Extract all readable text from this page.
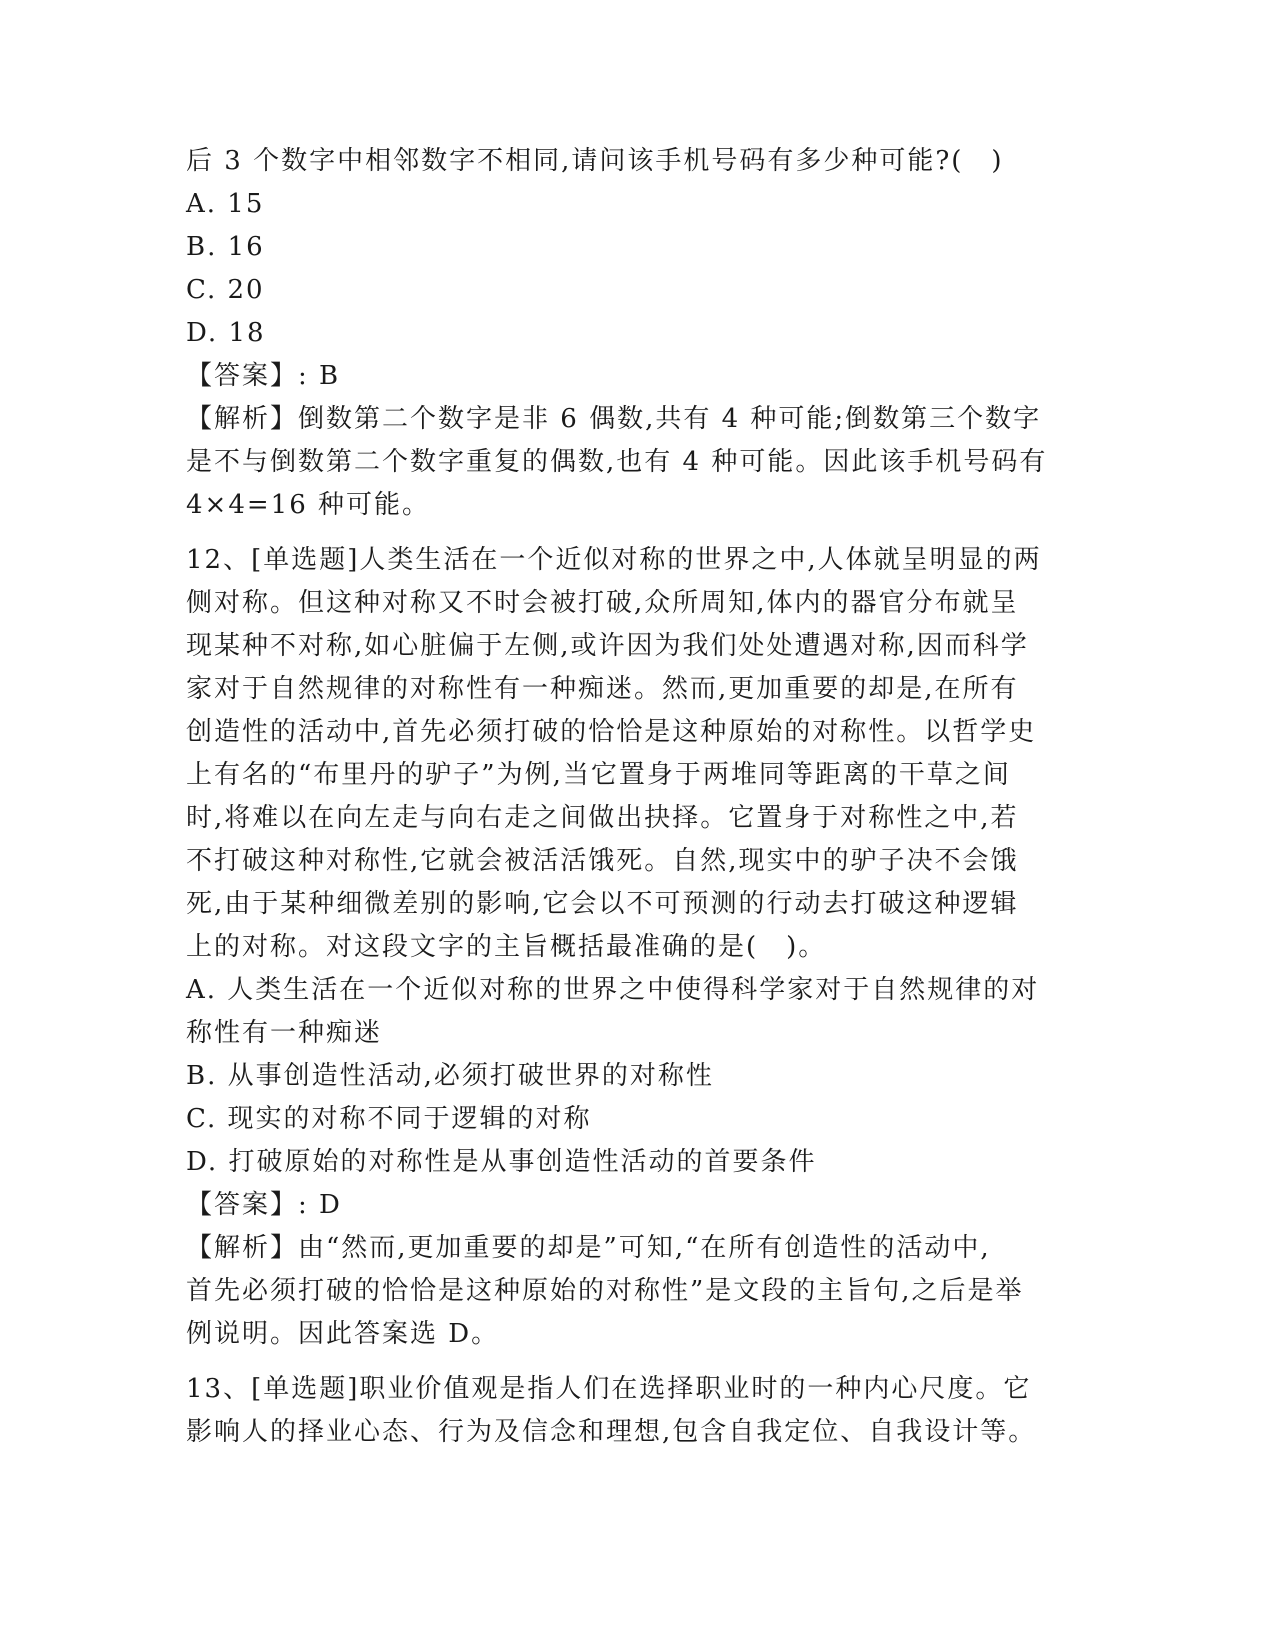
后 3 个数字中相邻数字不相同,请问该手机号码有多少种可能?(　)
A. 15
B. 16
C. 20
D. 18
【答案】: B
【解析】倒数第二个数字是非 6 偶数,共有 4 种可能;倒数第三个数字
是不与倒数第二个数字重复的偶数,也有 4 种可能。因此该手机号码有
4×4=16 种可能。
12、[单选题]人类生活在一个近似对称的世界之中,人体就呈明显的两
侧对称。但这种对称又不时会被打破,众所周知,体内的器官分布就呈
现某种不对称,如心脏偏于左侧,或许因为我们处处遭遇对称,因而科学
家对于自然规律的对称性有一种痴迷。然而,更加重要的却是,在所有
创造性的活动中,首先必须打破的恰恰是这种原始的对称性。以哲学史
上有名的“布里丹的驴子”为例,当它置身于两堆同等距离的干草之间
时,将难以在向左走与向右走之间做出抉择。它置身于对称性之中,若
不打破这种对称性,它就会被活活饿死。自然,现实中的驴子决不会饿
死,由于某种细微差别的影响,它会以不可预测的行动去打破这种逻辑
上的对称。对这段文字的主旨概括最准确的是(　)。
A. 人类生活在一个近似对称的世界之中使得科学家对于自然规律的对
称性有一种痴迷
B. 从事创造性活动,必须打破世界的对称性
C. 现实的对称不同于逻辑的对称
D. 打破原始的对称性是从事创造性活动的首要条件
【答案】: D
【解析】由“然而,更加重要的却是”可知,“在所有创造性的活动中,
首先必须打破的恰恰是这种原始的对称性”是文段的主旨句,之后是举
例说明。因此答案选 D。
13、[单选题]职业价值观是指人们在选择职业时的一种内心尺度。它
影响人的择业心态、行为及信念和理想,包含自我定位、自我设计等。
